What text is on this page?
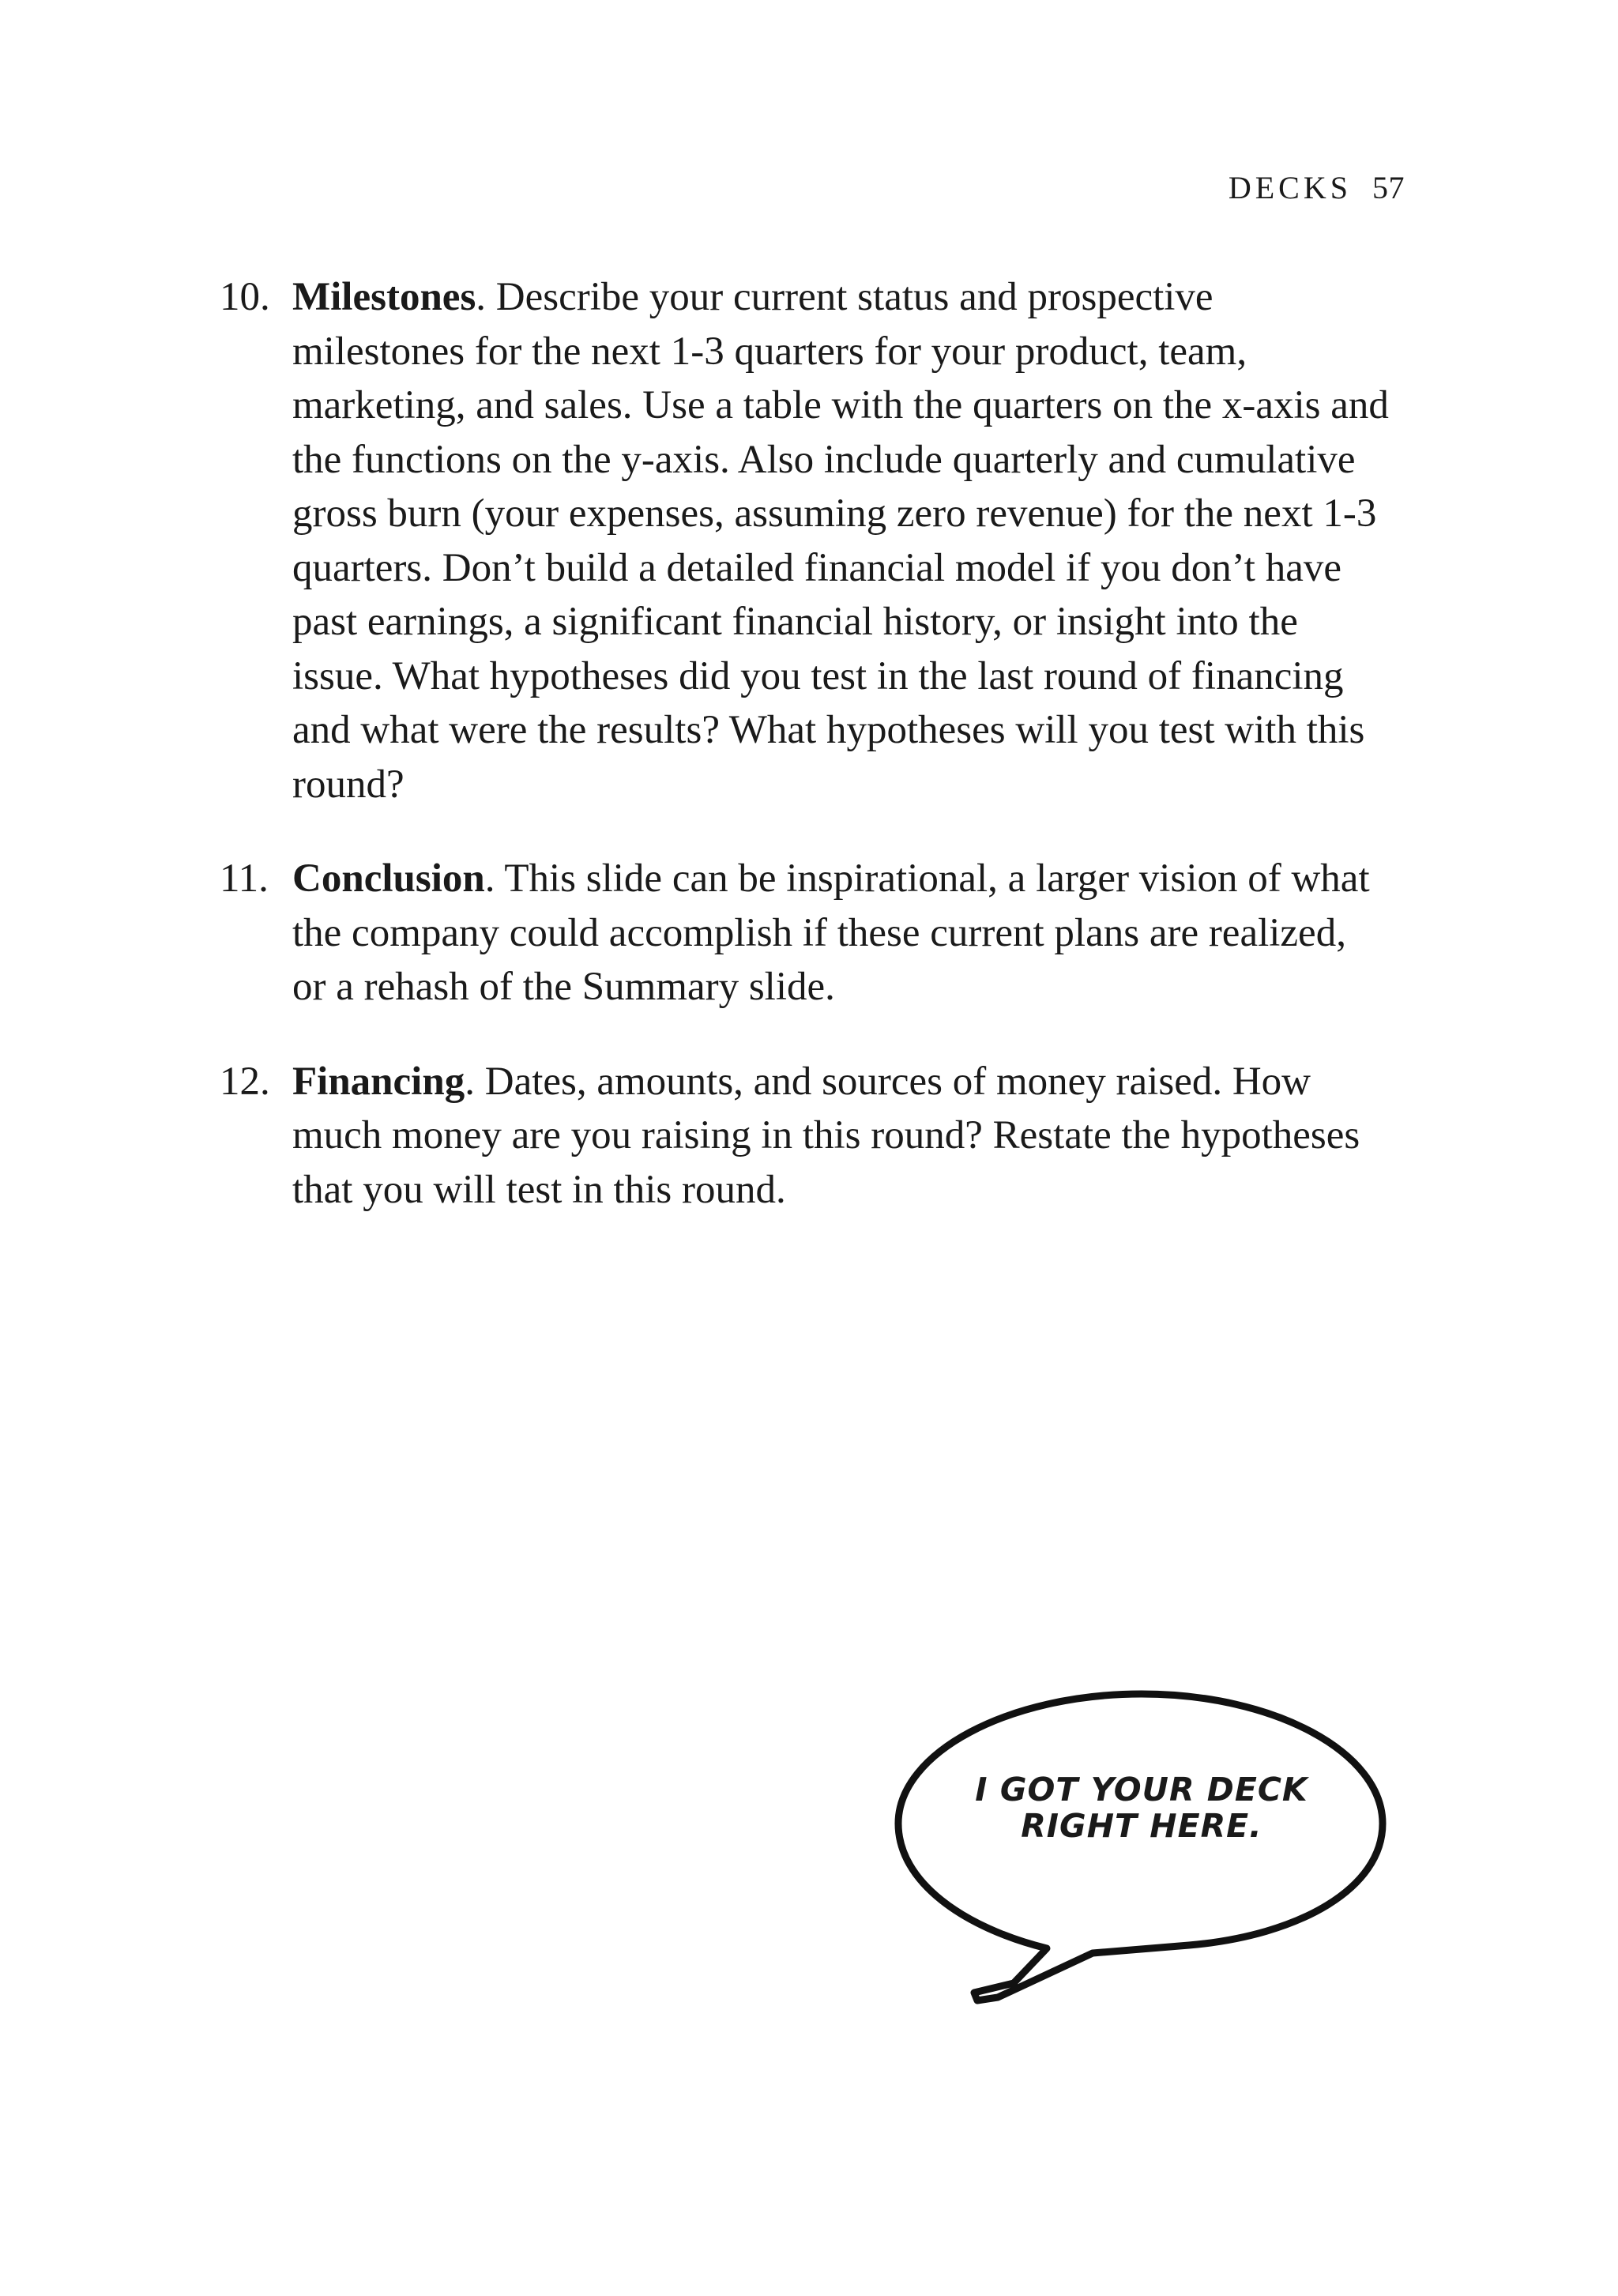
DECKS 57
10. Milestones. Describe your current status and prospective milestones for the next 1-3 quarters for your product, team, marketing, and sales. Use a table with the quarters on the x-axis and the functions on the y-axis. Also include quarterly and cumulative gross burn (your expenses, assuming zero revenue) for the next 1-3 quarters. Don’t build a detailed financial model if you don’t have past earnings, a significant financial history, or insight into the issue. What hypotheses did you test in the last round of financing and what were the results? What hypotheses will you test with this round?
11. Conclusion. This slide can be inspirational, a larger vision of what the company could accomplish if these current plans are realized, or a rehash of the Summary slide.
12. Financing. Dates, amounts, and sources of money raised. How much money are you raising in this round? Restate the hypotheses that you will test in this round.
I GOT YOUR DECK
RIGHT HERE.
